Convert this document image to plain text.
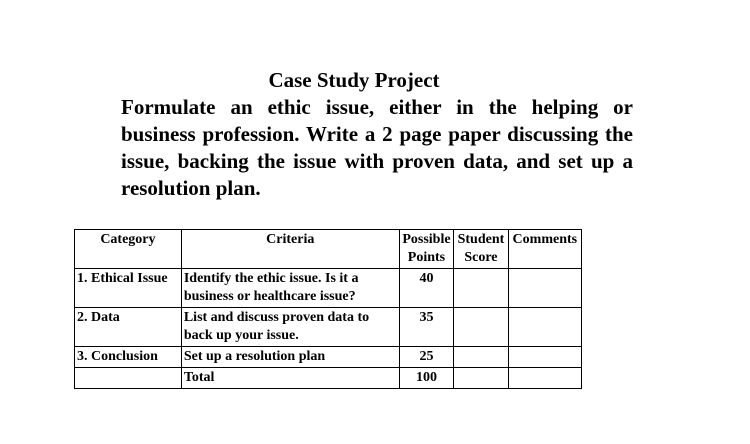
Case Study Project

Formulate an ethic issue, either in the helping or business profession. Write a 2 page paper discussing the issue, backing the issue with proven data, and set up a resolution plan.

Category	Criteria	Possible Points	Student Score	Comments
1. Ethical Issue	Identify the ethic issue. Is it a business or healthcare issue?	40		
2. Data	List and discuss proven data to back up your issue.	35		
3. Conclusion	Set up a resolution plan	25		
	Total	100		
